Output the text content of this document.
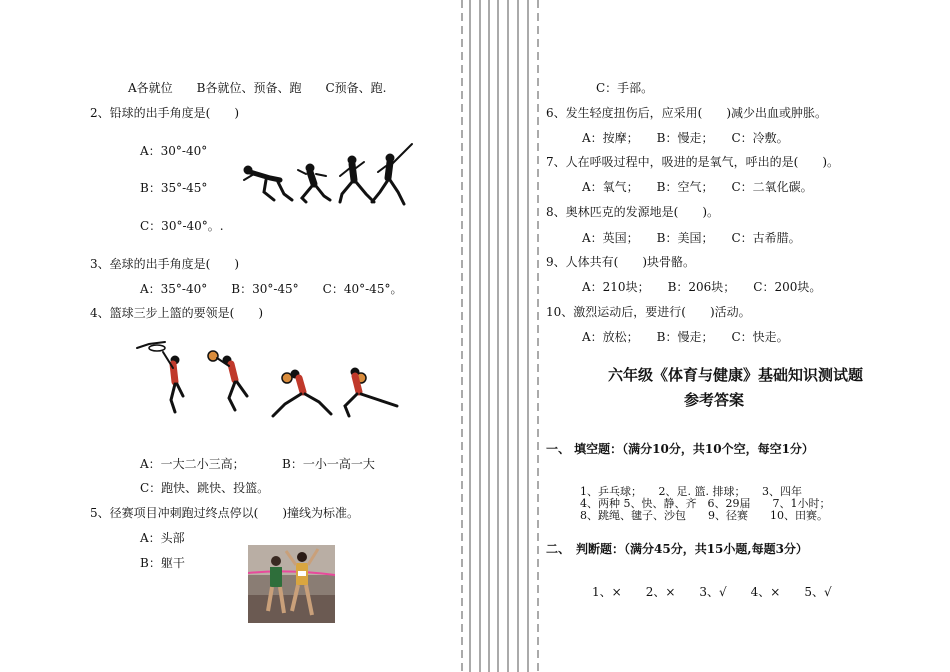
A各就位　　B各就位、预备、跑　　C预备、跑.
2、铅球的出手角度是(　　)
A：30°-40°
B：35°-45°
C：30°-40°。.
3、垒球的出手角度是(　　)
A：35°-40°　　B：30°-45°　　C：40°-45°。
4、篮球三步上篮的要领是(　　)
A：一大二小三高；	B：一小一高一大
C：跑快、跳快、投篮。
5、径赛项目冲刺跑过终点停以(　　)撞线为标准。
A：头部
B：躯干
C：手部。
6、发生轻度扭伤后，应采用(　　)减少出血或肿胀。
A：按摩；　　B：慢走；　　C：冷敷。
7、人在呼吸过程中，吸进的是氧气，呼出的是(　　)。
A：氧气；　　B：空气；　　C：二氧化碳。
8、奥林匹克的发源地是(　　)。
A：英国；　　B：美国；　　C：古希腊。
9、人体共有(　　)块骨骼。
A：210块；　　B：206块；　　C：200块。
10、激烈运动后，要进行(　　)活动。
A：放松；　　B：慢走；　　C：快走。
六年级《体育与健康》基础知识测试题
参考答案
一、 填空题：（满分10分，共10个空，每空1分）
1、乒乓球；　　2、足. 篮. 排球；　　3、四年
4、两种 5、快、静、齐　6、29届　　7、1小时；
8、跳绳、毽子、沙包　　9、径赛　　10、田赛。
二、　判断题：（满分45分，共15小题,每题3分）
1、×　　2、×　　3、√　　4、×　　5、√
